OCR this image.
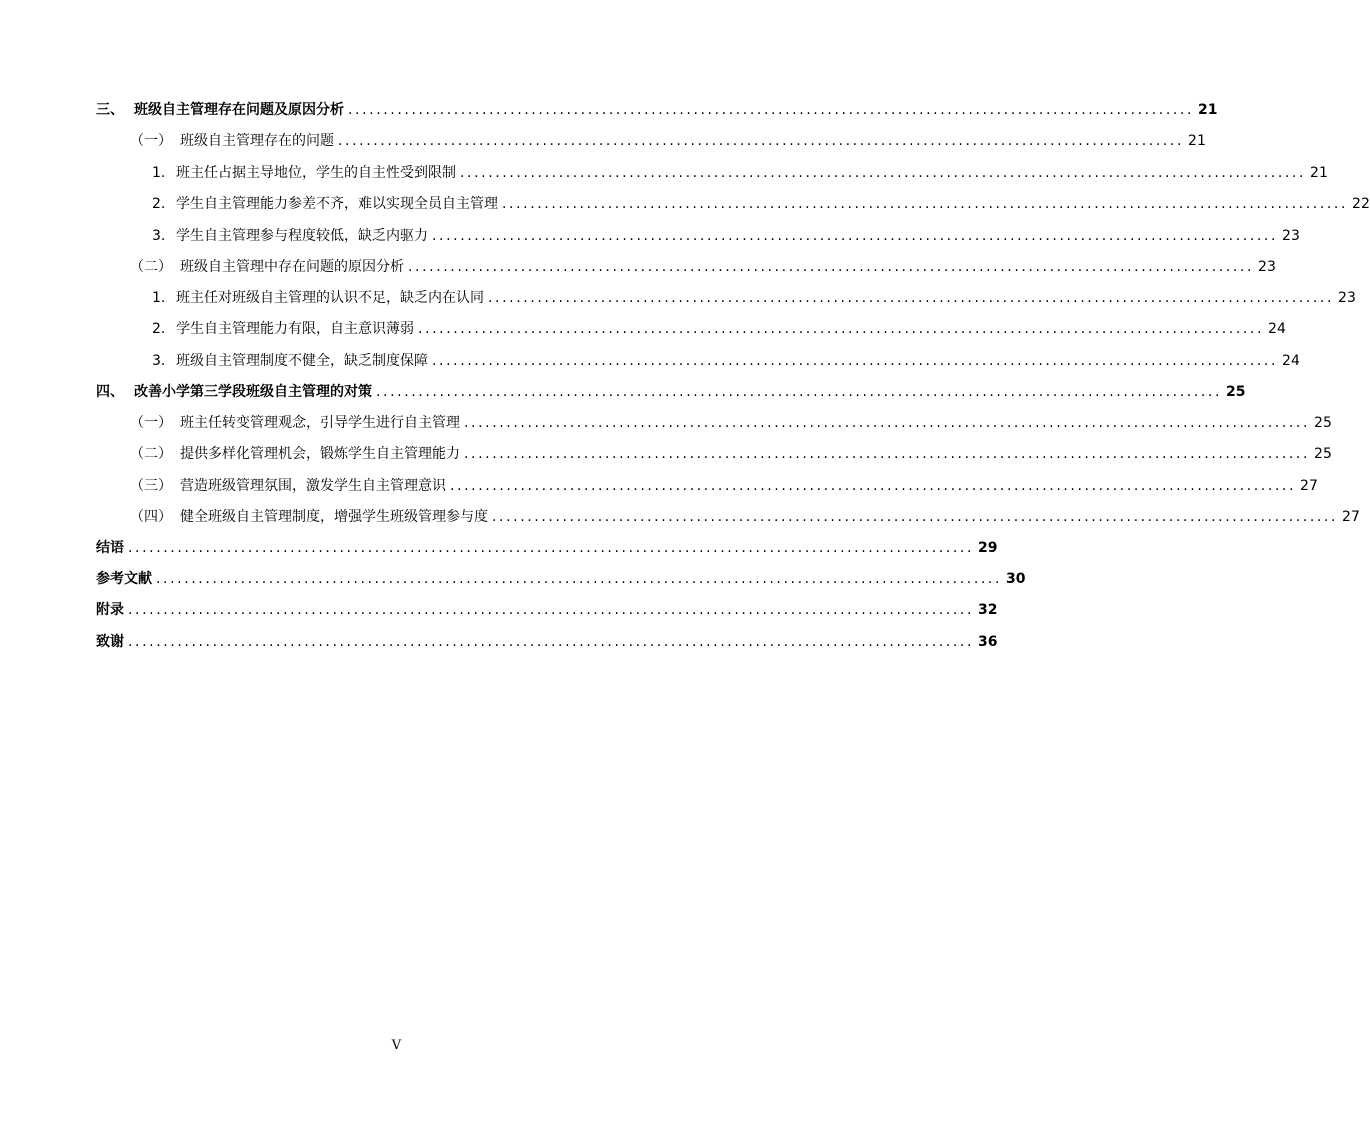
三、 班级自主管理存在问题及原因分析 ........................................................................................................................ 21
（一） 班级自主管理存在的问题 ........................................................................................................................ 21
1. 班主任占据主导地位，学生的自主性受到限制 ........................................................................................................................ 21
2. 学生自主管理能力参差不齐，难以实现全员自主管理 ........................................................................................................................ 22
3. 学生自主管理参与程度较低，缺乏内驱力 ........................................................................................................................ 23
（二） 班级自主管理中存在问题的原因分析 ........................................................................................................................ 23
1. 班主任对班级自主管理的认识不足，缺乏内在认同 ........................................................................................................................ 23
2. 学生自主管理能力有限，自主意识薄弱 ........................................................................................................................ 24
3. 班级自主管理制度不健全，缺乏制度保障 ........................................................................................................................ 24
四、 改善小学第三学段班级自主管理的对策 ........................................................................................................................ 25
（一） 班主任转变管理观念，引导学生进行自主管理 ........................................................................................................................ 25
（二） 提供多样化管理机会，锻炼学生自主管理能力 ........................................................................................................................ 25
（三） 营造班级管理氛围，激发学生自主管理意识 ........................................................................................................................ 27
（四） 健全班级自主管理制度，增强学生班级管理参与度 ........................................................................................................................ 27
结语 ........................................................................................................................ 29
参考文献 ........................................................................................................................ 30
附录 ........................................................................................................................ 32
致谢 ........................................................................................................................ 36
V
